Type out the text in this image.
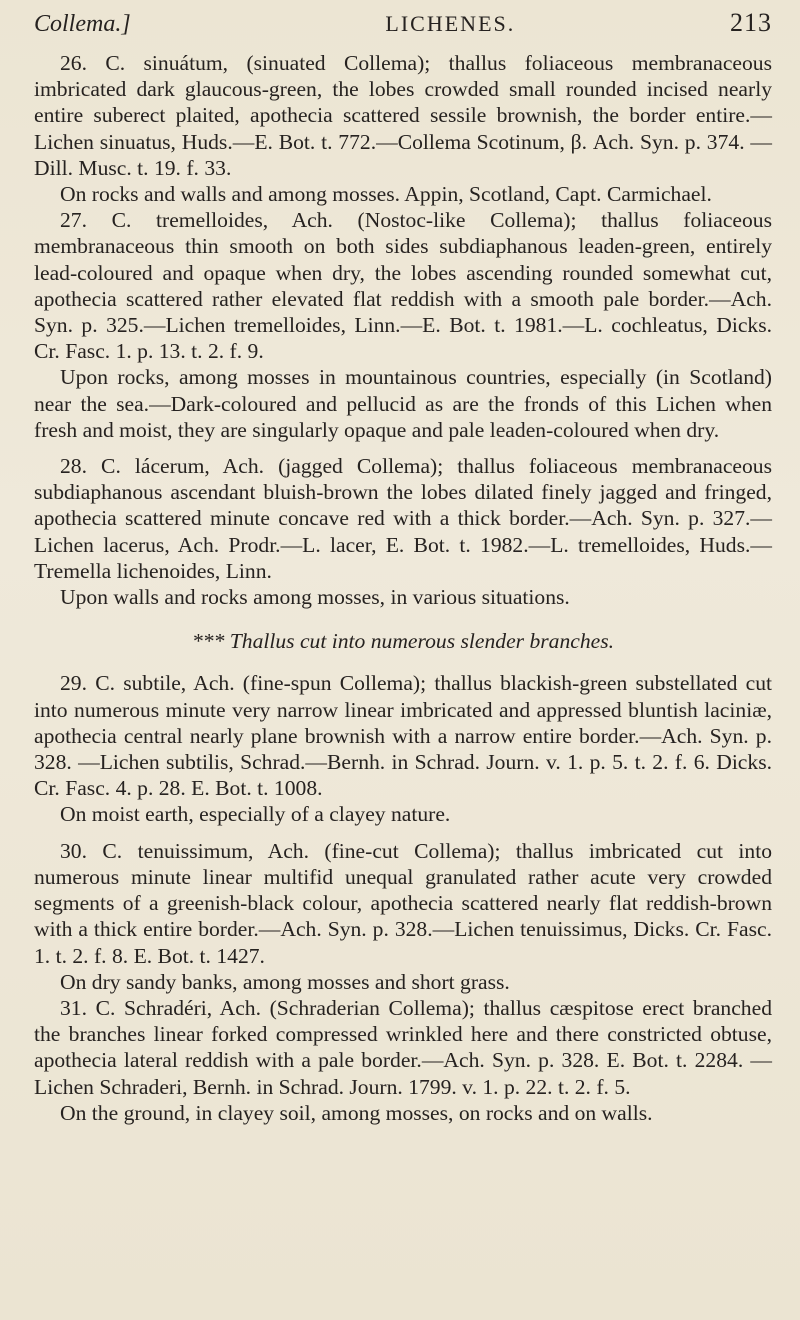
Collema.]	LICHENES.	213

26. C. sinuátum, (sinuated Collema); thallus foliaceous membranaceous imbricated dark glaucous-green, the lobes crowded small rounded incised nearly entire suberect plaited, apothecia scattered sessile brownish, the border entire.—Lichen sinuatus, Huds.—E. Bot. t. 772.—Collema Scotinum, β. Ach. Syn. p. 374. —Dill. Musc. t. 19. f. 33.

On rocks and walls and among mosses. Appin, Scotland, Capt. Carmichael.

27. C. tremelloides, Ach. (Nostoc-like Collema); thallus foliaceous membranaceous thin smooth on both sides subdiaphanous leaden-green, entirely lead-coloured and opaque when dry, the lobes ascending rounded somewhat cut, apothecia scattered rather elevated flat reddish with a smooth pale border.—Ach. Syn. p. 325.—Lichen tremelloides, Linn.—E. Bot. t. 1981.—L. cochleatus, Dicks. Cr. Fasc. 1. p. 13. t. 2. f. 9.

Upon rocks, among mosses in mountainous countries, especially (in Scotland) near the sea.—Dark-coloured and pellucid as are the fronds of this Lichen when fresh and moist, they are singularly opaque and pale leaden-coloured when dry.

28. C. lácerum, Ach. (jagged Collema); thallus foliaceous membranaceous subdiaphanous ascendant bluish-brown the lobes dilated finely jagged and fringed, apothecia scattered minute concave red with a thick border.—Ach. Syn. p. 327.—Lichen lacerus, Ach. Prodr.—L. lacer, E. Bot. t. 1982.—L. tremelloides, Huds.—Tremella lichenoides, Linn.

Upon walls and rocks among mosses, in various situations.

*** Thallus cut into numerous slender branches.

29. C. subtile, Ach. (fine-spun Collema); thallus blackish-green substellated cut into numerous minute very narrow linear imbricated and appressed bluntish laciniæ, apothecia central nearly plane brownish with a narrow entire border.—Ach. Syn. p. 328. —Lichen subtilis, Schrad.—Bernh. in Schrad. Journ. v. 1. p. 5. t. 2. f. 6. Dicks. Cr. Fasc. 4. p. 28. E. Bot. t. 1008.

On moist earth, especially of a clayey nature.

30. C. tenuissimum, Ach. (fine-cut Collema); thallus imbricated cut into numerous minute linear multifid unequal granulated rather acute very crowded segments of a greenish-black colour, apothecia scattered nearly flat reddish-brown with a thick entire border.—Ach. Syn. p. 328.—Lichen tenuissimus, Dicks. Cr. Fasc. 1. t. 2. f. 8. E. Bot. t. 1427.

On dry sandy banks, among mosses and short grass.

31. C. Schradéri, Ach. (Schraderian Collema); thallus cæspitose erect branched the branches linear forked compressed wrinkled here and there constricted obtuse, apothecia lateral reddish with a pale border.—Ach. Syn. p. 328. E. Bot. t. 2284. —Lichen Schraderi, Bernh. in Schrad. Journ. 1799. v. 1. p. 22. t. 2. f. 5.

On the ground, in clayey soil, among mosses, on rocks and on walls.
